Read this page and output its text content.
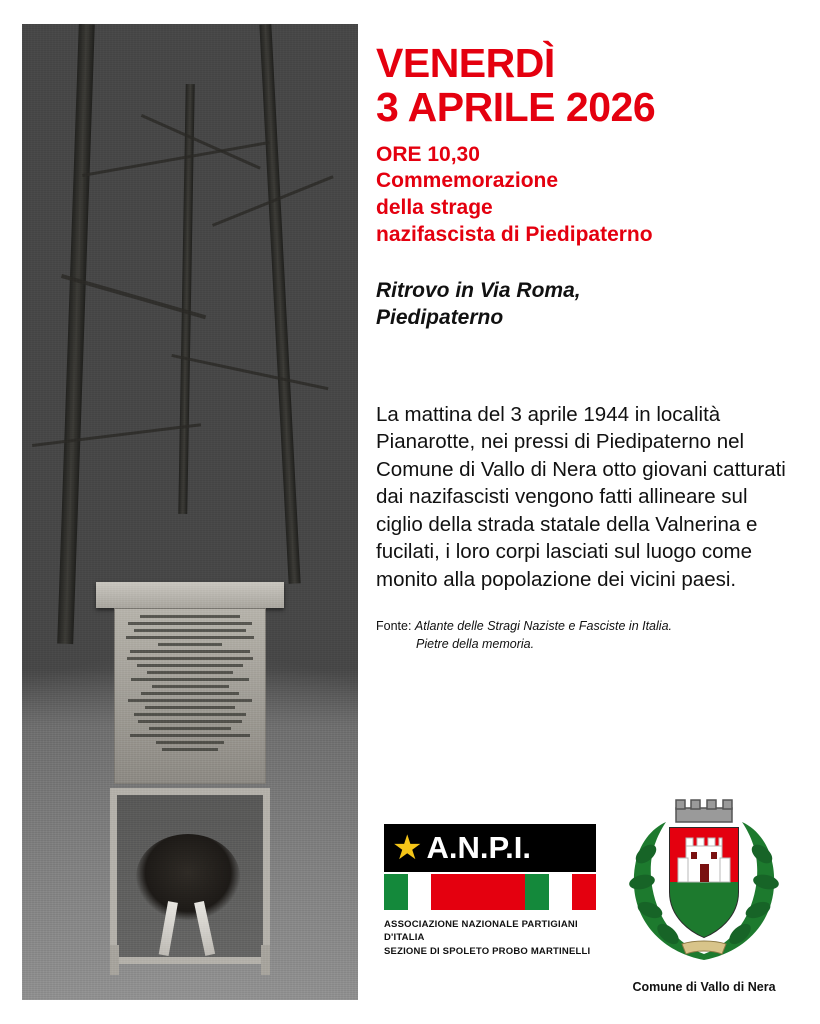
VENERDÌ
3 APRILE 2026
ORE 10,30
Commemorazione
della strage
nazifascista di Piedipaterno
Ritrovo in Via Roma,
Piedipaterno
La mattina del 3 aprile 1944 in località Pianarotte, nei pressi di Piedipaterno nel Comune di Vallo di Nera otto giovani catturati dai nazifascisti vengono fatti allineare sul ciglio della strada statale della Valnerina e fucilati, i loro corpi lasciati sul luogo come monito alla popolazione dei vicini paesi.
Fonte: Atlante delle Stragi Naziste e Fasciste in Italia.
Pietre della memoria.
★ A.N.P.I.
ASSOCIAZIONE NAZIONALE PARTIGIANI D'ITALIA
SEZIONE DI SPOLETO PROBO MARTINELLI
Comune di Vallo di Nera
